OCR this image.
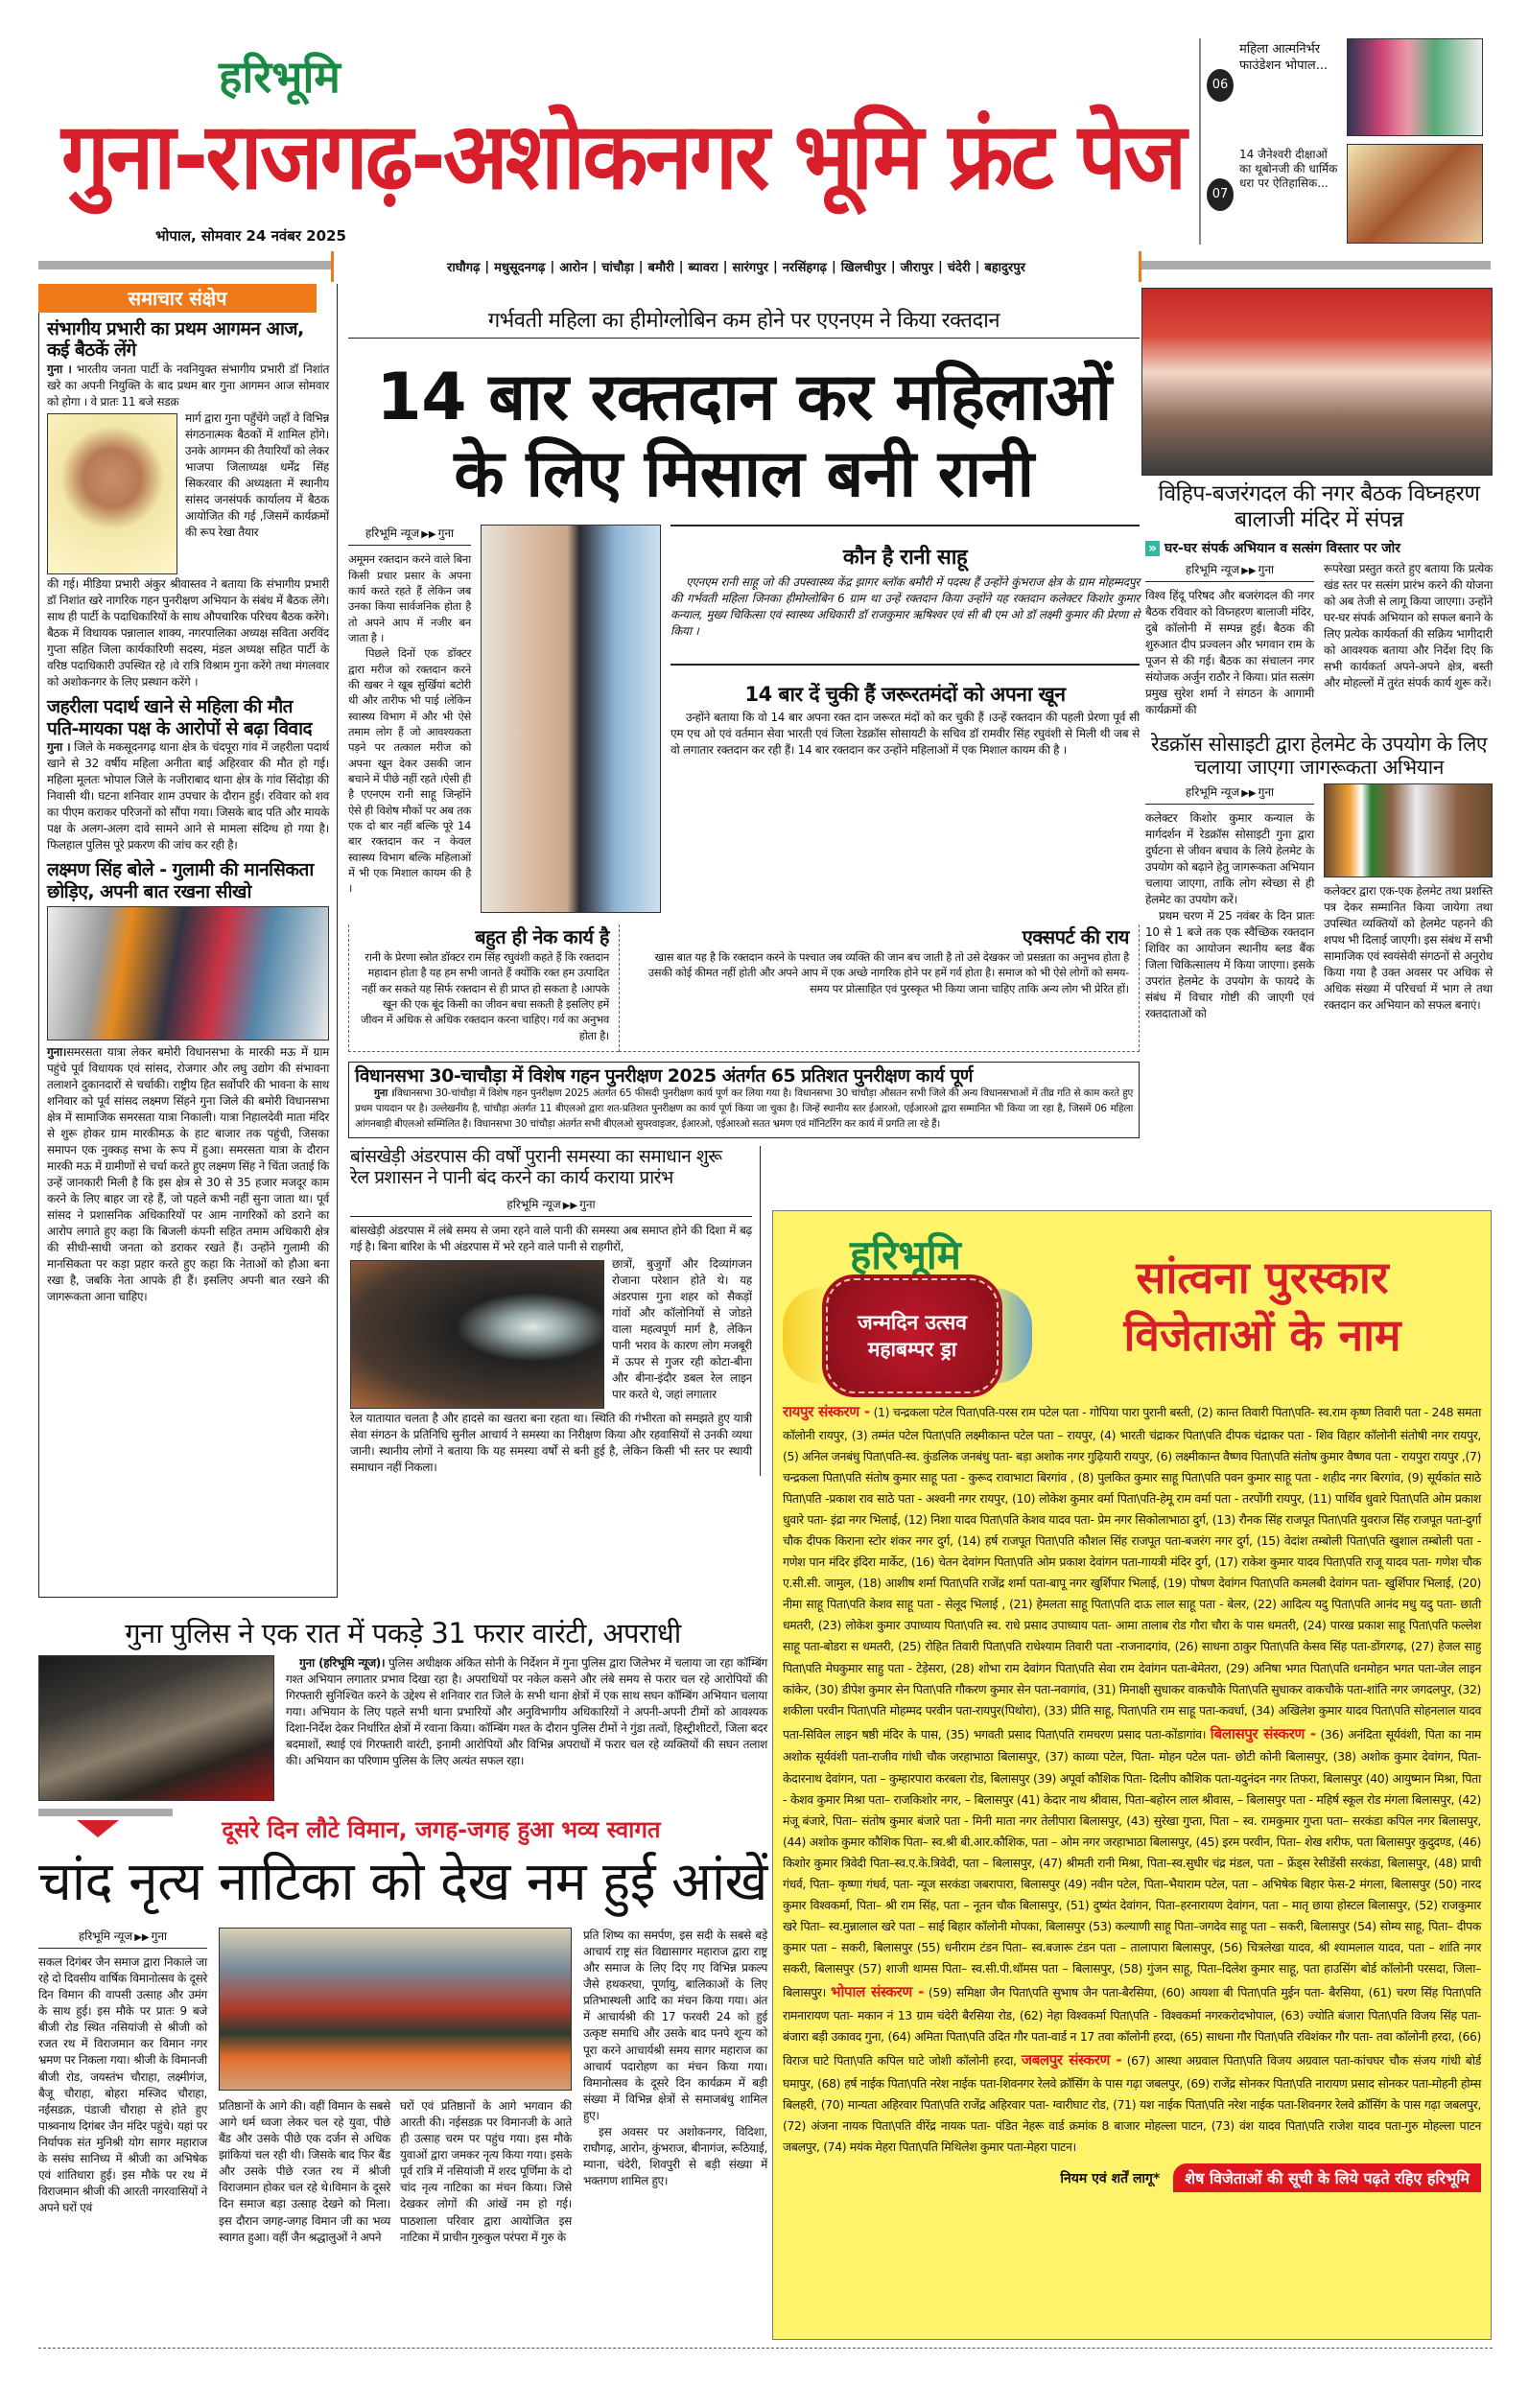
हरिभूमि
गुना-राजगढ़-अशोकनगर भूमि फ्रंट पेज
भोपाल, सोमवार 24 नवंबर 2025
06
महिला आत्मनिर्भर फाउंडेशन भोपाल...
07
14 जैनेश्वरी दीक्षाओं का थूबोनजी की धार्मिक धरा पर ऐतिहासिक...
राघौगढ़ | मधुसूदनगढ़ | आरोन | चांचौड़ा | बमौरी | ब्यावरा | सारंगपुर | नरसिंहगढ़ | खिलचीपुर | जीरापुर | चंदेरी | बहादुरपुर
समाचार संक्षेप
संभागीय प्रभारी का प्रथम आगमन आज, कई बैठकें लेंगे
गुना । भारतीय जनता पार्टी के नवनियुक्त संभागीय प्रभारी डॉ निशांत खरे का अपनी नियुक्ति के बाद प्रथम बार गुना आगमन आज सोमवार को होगा । वे प्रातः 11 बजे सडक़
मार्ग द्वारा गुना पहुँचेंगे जहाँ वे विभिन्न संगठनात्मक बैठकों में शामिल होंगे। उनके आगमन की तैयारियाँ को लेकर भाजपा जिलाध्यक्ष धर्मेंद्र सिंह सिकरवार की अध्यक्षता में स्थानीय सांसद जनसंपर्क कार्यालय में बैठक आयोजित की गई ,जिसमें कार्यक्रमों की रूप रेखा तैयार
की गई। मीडिया प्रभारी अंकुर श्रीवास्तव ने बताया कि संभागीय प्रभारी डॉ निशांत खरे नागरिक गहन पुनरीक्षण अभियान के संबंध में बैठक लेंगे। साथ ही पार्टी के पदाधिकारियों के साथ औपचारिक परिचय बैठक करेंगे। बैठक में विधायक पन्नालाल शाक्य, नगरपालिका अध्यक्ष सविता अरविंद गुप्ता सहित जिला कार्यकारिणी सदस्य, मंडल अध्यक्ष सहित पार्टी के वरिष्ठ पदाधिकारी उपस्थित रहे ।वे रात्रि विश्राम गुना करेंगे तथा मंगलवार को अशोकनगर के लिए प्रस्थान करेंगे ।
जहरीला पदार्थ खाने से महिला की मौत पति-मायका पक्ष के आरोपों से बढ़ा विवाद
गुना । जिले के मकसूदनगढ़ थाना क्षेत्र के चंदपूरा गांव में जहरीला पदार्थ खाने से 32 वर्षीय महिला अनीता बाई अहिरवार की मौत हो गई। महिला मूलतः भोपाल जिले के नजीराबाद थाना क्षेत्र के गांव सिंदोड़ा की निवासी थी। घटना शनिवार शाम उपचार के दौरान हुई। रविवार को शव का पीएम कराकर परिजनों को सौंपा गया। जिसके बाद पति और मायके पक्ष के अलग-अलग दावे सामने आने से मामला संदिग्ध हो गया है। फिलहाल पुलिस पूरे प्रकरण की जांच कर रही है।
लक्ष्मण सिंह बोले - गुलामी की मानसिकता छोड़िए, अपनी बात रखना सीखो
गुना।समरसता यात्रा लेकर बमोरी विधानसभा के मारकी मऊ में ग्राम पहुंचे पूर्व विधायक एवं सांसद, रोजगार और लघु उद्योग की संभावना तलाशने दुकानदारों से चर्चाकी। राष्ट्रीय हित सर्वोपरि की भावना के साथ शनिवार को पूर्व सांसद लक्ष्मण सिंहने गुना जिले की बमोरी विधानसभा क्षेत्र में सामाजिक समरसता यात्रा निकाली। यात्रा निहालदेवी माता मंदिर से शुरू होकर ग्राम मारकीमऊ के हाट बाजार तक पहुंची, जिसका समापन एक नुक्कड़ सभा के रूप में हुआ। समरसता यात्रा के दौरान मारकी मऊ में ग्रामीणों से चर्चा करते हुए लक्ष्मण सिंह ने चिंता जताई कि उन्हें जानकारी मिली है कि इस क्षेत्र से 30 से 35 हजार मजदूर काम करने के लिए बाहर जा रहे हैं, जो पहले कभी नहीं सुना जाता था। पूर्व सांसद ने प्रशासनिक अधिकारियों पर आम नागरिकों को डराने का आरोप लगाते हुए कहा कि बिजली कंपनी सहित तमाम अधिकारी क्षेत्र की सीधी-साधी जनता को डराकर रखते हैं। उन्होंने गुलामी की मानसिकता पर कड़ा प्रहार करते हुए कहा कि नेताओं को हौआ बना रखा है, जबकि नेता आपके ही हैं। इसलिए अपनी बात रखने की जागरूकता आना चाहिए।
गर्भवती महिला का हीमोग्लोबिन कम होने पर एएनएम ने किया रक्तदान
14 बार रक्तदान कर महिलाओं
के लिए मिसाल बनी रानी
हरिभूमि न्यूज ▶▶ गुना

अमूमन रक्तदान करने वाले बिना किसी प्रचार प्रसार के अपना कार्य करते रहते हैं लेकिन जब उनका किया सार्वजनिक होता है तो अपने आप में नजीर बन जाता है ।

पिछले दिनों एक डॉक्टर द्वारा मरीज को रक्तदान करने की खबर ने खूब सुर्खियां बटोरी थी और तारीफ भी पाई ।लेकिन स्वास्थ्य विभाग में और भी ऐसे तमाम लोग हैं जो आवश्यकता पड़ने पर तत्काल मरीज को अपना खून देकर उसकी जान बचाने में पीछे नहीं रहते ।ऐसी ही है एएनएम रानी साहू जिन्होंने ऐसे ही विशेष मौकों पर अब तक एक दो बार नहीं बल्कि पूरे 14 बार रक्तदान कर न केवल स्वास्थ्य विभाग बल्कि महिलाओं में भी एक मिशाल कायम की है ।

कौन है रानी साहू
एएनएम रानी साहू जो की उपस्वास्थ्य केंद्र झागर ब्लॉक बमौरी में पदस्थ हैं उन्होंने कुंभराज क्षेत्र के ग्राम मोहम्मदपुर की गर्भवती महिला जिनका हीमोग्लोबिन 6 ग्राम था उन्हें रक्तदान किया उन्होंने यह रक्तदान कलेक्टर किशोर कुमार कन्याल, मुख्य चिकित्सा एवं स्वास्थ्य अधिकारी डॉ राजकुमार ऋषिश्वर एवं सी बी एम ओ डॉ लक्ष्मी कुमार की प्रेरणा से किया ।
14 बार दें चुकी हैं जरूरतमंदों को अपना खून
उन्होंने बताया कि वो 14 बार अपना रक्त दान जरूरत मंदों को कर चुकी हैं ।उन्हें रक्तदान की पहली प्रेरणा पूर्व सी एम एच ओ एवं वर्तमान सेवा भारती एवं जिला रेडक्रॉस सोसायटी के सचिव डॉ रामवीर सिंह रघुवंशी से मिली थी जब से वो लगातार रक्तदान कर रही हैं। 14 बार रक्तदान कर उन्होंने महिलाओं में एक मिशाल कायम की है ।
बहुत ही नेक कार्य है
रानी के प्रेरणा स्त्रोत डॉक्टर राम सिंह रघुवंशी कहते हैं कि रक्तदान महादान होता है यह हम सभी जानते हैं क्योंकि रक्त हम उत्पादित नहीं कर सकते यह सिर्फ रक्तदान से ही प्राप्त हो सकता है ।आपके खून की एक बूंद किसी का जीवन बचा सकती है इसलिए हमें जीवन में अधिक से अधिक रक्तदान करना चाहिए। गर्व का अनुभव होता है।
एक्सपर्ट की राय
खास बात यह है कि रक्तदान करने के पश्चात जब व्यक्ति की जान बच जाती है तो उसे देखकर जो प्रसन्नता का अनुभव होता है उसकी कोई कीमत नहीं होती और अपने आप में एक अच्छे नागरिक होने पर हमें गर्व होता है। समाज को भी ऐसे लोगों को समय-समय पर प्रोत्साहित एवं पुरस्कृत भी किया जाना चाहिए ताकि अन्य लोग भी प्रेरित हों।
विधानसभा 30-चाचौड़ा में विशेष गहन पुनरीक्षण 2025 अंतर्गत 65 प्रतिशत पुनरीक्षण कार्य पूर्ण
गुना ।विधानसभा 30-चांचौड़ा में विशेष गहन पुनरीक्षण 2025 अंतर्गत 65 फीसदी पुनरीक्षण कार्य पूर्ण कर लिया गया है। विधानसभा 30 चांचौड़ा औसतन सभी जिले की अन्य विधानसभाओं में तीव्र गति से काम करते हुए प्रथम पायदान पर है। उल्लेखनीय है, चांचौड़ा अंतर्गत 11 बीएलओ द्वारा शत-प्रतिशत पुनरीक्षण का कार्य पूर्ण किया जा चुका है। जिन्हें स्थानीय स्तर ईआरओ, एईआरओ द्वारा सम्मानित भी किया जा रहा है, जिसमें 06 महिला आंगनबाड़ी बीएलओ सम्मिलित है। विधानसभा 30 चांचौड़ा अंतर्गत सभी बीएलओ सुपरवाइजर, ईआरओ, एईआरओ सतत भ्रमण एवं मॉनिटरिंग कर कार्य में प्रगति ला रहे हैं।
बांसखेड़ी अंडरपास की वर्षों पुरानी समस्या का समाधान शुरू
रेल प्रशासन ने पानी बंद करने का कार्य कराया प्रारंभ
हरिभूमि न्यूज ▶▶ गुना
बांसखेड़ी अंडरपास में लंबे समय से जमा रहने वाले पानी की समस्या अब समाप्त होने की दिशा में बढ़ गई है। बिना बारिश के भी अंडरपास में भरे रहने वाले पानी से राहगीरों,
छात्रों, बुजुर्गों और दिव्यांगजन रोजाना परेशान होते थे। यह अंडरपास गुना शहर को सैकड़ों गांवों और कॉलोनियों से जोडऩे वाला महत्वपूर्ण मार्ग है, लेकिन पानी भराव के कारण लोग मजबूरी में ऊपर से गुजर रही कोटा-बीना और बीना-इंदौर डबल रेल लाइन पार करते थे, जहां लगातार
रेल यातायात चलता है और हादसे का खतरा बना रहता था। स्थिति की गंभीरता को समझते हुए यात्री सेवा संगठन के प्रतिनिधि सुनील आचार्य ने समस्या का निरीक्षण किया और रहवासियों से उनकी व्यथा जानी। स्थानीय लोगों ने बताया कि यह समस्या वर्षों से बनी हुई है, लेकिन किसी भी स्तर पर स्थायी समाधान नहीं निकला।
विहिप-बजरंगदल की नगर बैठक विघ्नहरण बालाजी मंदिर में संपन्न
» घर-घर संपर्क अभियान व सत्संग विस्तार पर जोर
हरिभूमि न्यूज ▶▶ गुना
विश्व हिंदू परिषद और बजरंगदल की नगर बैठक रविवार को विघ्नहरण बालाजी मंदिर, दुबे कॉलोनी में सम्पन्न हुई। बैठक की शुरुआत दीप प्रज्वलन और भगवान राम के पूजन से की गई। बैठक का संचालन नगर संयोजक अर्जुन राठौर ने किया। प्रांत सत्संग प्रमुख सुरेश शर्मा ने संगठन के आगामी कार्यक्रमों की
रूपरेखा प्रस्तुत करते हुए बताया कि प्रत्येक खंड स्तर पर सत्संग प्रारंभ करने की योजना को अब तेजी से लागू किया जाएगा। उन्होंने घर-घर संपर्क अभियान को सफल बनाने के लिए प्रत्येक कार्यकर्ता की सक्रिय भागीदारी को आवश्यक बताया और निर्देश दिए कि सभी कार्यकर्ता अपने-अपने क्षेत्र, बस्ती और मोहल्लों में तुरंत संपर्क कार्य शुरू करें।
रेडक्रॉस सोसाइटी द्वारा हेलमेट के उपयोग के लिए चलाया जाएगा जागरूकता अभियान
हरिभूमि न्यूज ▶▶ गुना
कलेक्टर किशोर कुमार कन्याल के मार्गदर्शन में रेडक्रॉस सोसाइटी गुना द्वारा दुर्घटना से जीवन बचाव के लिये हेलमेट के उपयोग को बढ़ाने हेतु जागरूकता अभियान चलाया जाएगा, ताकि लोग स्वेच्छा से ही हेलमेट का उपयोग करें।
प्रथम चरण में 25 नवंबर के दिन प्रातः 10 से 1 बजे तक एक स्वैच्छिक रक्तदान शिविर का आयोजन स्थानीय ब्लड बैंक जिला चिकित्सालय में किया जाएगा। इसके उपरांत हेलमेट के उपयोग के फायदे के संबंध में विचार गोष्टी की जाएगी एवं रक्तदाताओं को
कलेक्टर द्वारा एक-एक हेलमेट तथा प्रशस्ति पत्र देकर सम्मानित किया जायेगा तथा उपस्थित व्यक्तियों को हेलमेट पहनने की शपथ भी दिलाई जाएगी। इस संबंध में सभी सामाजिक एवं स्वयंसेवी संगठनों से अनुरोध किया गया है उक्त अवसर पर अधिक से अधिक संख्या में परिचर्चा में भाग ले तथा रक्तदान कर अभियान को सफल बनाएं।
हरिभूमि
जन्मदिन उत्सव
महाबम्पर ड्रा
सांत्वना पुरस्कार
विजेताओं के नाम
रायपुर संस्करण - (1) चन्द्रकला पटेल पिता\पति-परस राम पटेल पता - गोपिया पारा पुरानी बस्ती, (2) कान्त तिवारी पिता\पति- स्व.राम कृष्ण तिवारी पता - 248 समता कॉलोनी रायपुर, (3) तम्मंत पटेल पिता\पति लक्ष्मीकान्त पटेल पता – रायपुर, (4) भारती चंद्राकर पिता\पति दीपक चंद्राकर पता - शिव विहार कॉलोनी संतोषी नगर रायपुर, (5) अनिल जनबंधु पिता\पति-स्व. कुंडलिक जनबंधु पता- बड़ा अशोक नगर गुढ़ियारी रायपुर, (6) लक्ष्मीकान्त वैष्णव पिता\पति संतोष कुमार वैष्णव पता - रायपुरा रायपुर ,(7) चन्द्रकला पिता\पति संतोष कुमार साहू पता - कुरूद रावाभाटा बिरगांव , (8) पुलकित कुमार साहू पिता\पति पवन कुमार साहू पता - शहीद नगर बिरगांव, (9) सूर्यकांत साठे पिता\पति -प्रकाश राव साठे पता - अश्वनी नगर रायपुर, (10) लोकेश कुमार वर्मा पिता\पति-हेमू राम वर्मा पता - तरपोंगी रायपुर, (11) पार्थिव धुवारे पिता\पति ओम प्रकाश धुवारे पता- इंद्रा नगर भिलाई, (12) निशा यादव पिता\पति केशव यादव पता- प्रेम नगर सिकोलाभाठा दुर्ग, (13) रौनक सिंह राजपूत पिता\पति युवराज सिंह राजपूत पता-दुर्गा चौक दीपक किराना स्टोर शंकर नगर दुर्ग, (14) हर्ष राजपूत पिता\पति कौशल सिंह राजपूत पता-बजरंग नगर दुर्ग, (15) वेदांश तम्बोली पिता\पति खुशाल तम्बोली पता - गणेश पान मंदिर इंदिरा मार्केट, (16) चेतन देवांगन पिता\पति ओम प्रकाश देवांगन पता-गायत्री मंदिर दुर्ग, (17) राकेश कुमार यादव पिता\पति राजू यादव पता- गणेश चौक ए.सी.सी. जामुल, (18) आशीष शर्मा पिता\पति राजेंद्र शर्मा पता-बापू नगर खुर्शिपार भिलाई, (19) पोषण देवांगन पिता\पति कमलबी देवांगन पता- खुर्शिपार भिलाई, (20) नीमा साहू पिता\पति केशव साहू पता - सेलूद भिलाई , (21) हेमलता साहू पिता\पति दाऊ लाल साहू पता - बेलर, (22) आदित्य यदु पिता\पति आनंद मधु यदु पता- छाती धमतरी, (23) लोकेश कुमार उपाध्याय पिता\पति स्व. राधे प्रसाद उपाध्याय पता- आमा तालाब रोड गौरा चौरा के पास धमतरी, (24) पारख प्रकाश साहू पिता\पति फल्लेश साहू पता-बोडरा स धमतरी, (25) रोहित तिवारी पिता\पति राधेश्याम तिवारी पता -राजनादगांव, (26) साधना ठाकुर पिता\पति केसव सिंह पता-डोंगरगढ़, (27) हेजल साहु पिता\पति मेघकुमार साहु पता - टेड़ेसरा, (28) शोभा राम देवांगन पिता\पति सेवा राम देवांगन पता-बेमेतरा, (29) अनिषा भगत पिता\पति धनमोहन भगत पता-जेल लाइन कांकेर, (30) डीपेश कुमार सेन पिता\पति गौकरण कुमार सेन पता-नवागांव, (31) मिनाक्षी सुधाकर वाकचौके पिता\पति सुधाकर वाकचौके पता-शांति नगर जगदलपुर, (32) शकीला परवीन पिता\पति मोहम्मद परवीन पता-रायपुर(पिथोरा), (33) प्रीति साहू, पिता\पति राम साहू पता-कवर्धा, (34) अखिलेश कुमार यादव पिता\पति सोहनलाल यादव पता-सिविल लाइन षष्ठी मंदिर के पास, (35) भगवती प्रसाद पिता\पति रामचरण प्रसाद पता-कोंडागांव। बिलासपुर संस्करण - (36) अनंदिता सूर्यवंशी, पिता का नाम अशोक सूर्यवंशी पता-राजीव गांधी चौक जरहाभाठा बिलासपुर, (37) काव्या पटेल, पिता- मोहन पटेल पता- छोटी कोनी बिलासपुर, (38) अशोक कुमार देवांगन, पिता- केदारनाथ देवांगन, पता – कुम्हारपारा करबला रोड, बिलासपुर (39) अपूर्वा कौशिक पिता- दिलीप कौशिक पता-यदुनंदन नगर तिफरा, बिलासपुर (40) आयुष्मान मिश्रा, पिता - केशव कुमार मिश्रा पता– राजकिशोर नगर, – बिलासपुर (41) केदार नाथ श्रीवास, पिता–बहोरन लाल श्रीवास, – बिलासपुर पता - महिर्ष स्कूल रोड मंगला बिलासपुर, (42) मंजू बंजारे, पिता– संतोष कुमार बंजारे पता - मिनी माता नगर तेलीपारा बिलासपुर, (43) सुरेखा गुप्ता, पिता – स्व. रामकुमार गुप्ता पता– सरकंडा कपिल नगर बिलासपुर, (44) अशोक कुमार कौशिक पिता– स्व.श्री बी.आर.कौशिक, पता – ओम नगर जरहाभाठा बिलासपुर, (45) इरम परवीन, पिता– शेख शरीफ, पता बिलासपुर कुदुदण्ड, (46) किशोर कुमार त्रिवेदी पिता–स्व.ए.के.त्रिवेदी, पता – बिलासपुर, (47) श्रीमती रानी मिश्रा, पिता–स्व.सुधीर चंद्र मंडल, पता – फ्रेंड्स रेसीडेंसी सरकंडा, बिलासपुर, (48) प्राची गंधर्व, पिता– कृष्णा गंधर्व, पता- न्यूज सरकंडा जबरापारा, बिलासपुर (49) नवीन पटेल, पिता–भैयाराम पटेल, पता – अभिषेक बिहार फेस-2 मंगला, बिलासपुर (50) नारद कुमार विश्वकर्मा, पिता– श्री राम सिंह, पता – नूतन चौक बिलासपुर, (51) दुष्यंत देवांगन, पिता–हरनारायण देवांगन, पता – मातृ छाया होस्टल बिलासपुर, (52) राजकुमार खरे पिता– स्व.मुन्नालाल खरे पता – साई बिहार कॉलोनी मोपका, बिलासपुर (53) कल्याणी साहू पिता–जगदेव साहू पता – सकरी, बिलासपुर (54) सोम्य साहू, पिता– दीपक कुमार पता – सकरी, बिलासपुर (55) धनीराम टंडन पिता– स्व.बजारू टंडन पता – तालापारा बिलासपुर, (56) चित्रलेखा यादव, श्री श्यामलाल यादव, पता – शांति नगर सकरी, बिलासपुर (57) शाजी थामस पिता– स्व.सी.पी.थॉमस पता – बिलासपुर, (58) गुंजन साहू, पिता–दिलेश कुमार साहू, पता हाउसिंग बोर्ड कॉलोनी परसदा, जिला–बिलासपुर। भोपाल संस्करण - (59) समिक्षा जैन पिता\पति सुभाष जैन पता-बैरसिया, (60) आयशा बी पिता\पति मुईन पता- बैरसिया, (61) चरण सिंह पिता\पति रामनारायण पता- मकान नं 13 ग्राम चंदेरी बैरसिया रोड, (62) नेहा विश्वकर्मा पिता\पति - विश्वकर्मा नगरकरोदभोपाल, (63) ज्योति बंजारा पिता\पति विजय सिंह पता-बंजारा बड़ी उकावद गुना, (64) अमिता पिता\पति उदित गौर पता-वार्ड न 17 तवा कॉलोनी हरदा, (65) साधना गौर पिता\पति रविशंकर गौर पता- तवा कॉलोनी हरदा, (66) विराज घाटे पिता\पति कपिल घाटे जोशी कॉलोनी हरदा, जबलपुर संस्करण - (67) आस्था अग्रवाल पिता\पति विजय अग्रवाल पता-कांचघर चौक संजय गांधी बोर्ड घमापुर, (68) हर्ष नाईक पिता\पति नरेश नाईक पता-शिवनगर रेलवे क्रॉसिंग के पास गढ़ा जबलपुर, (69) राजेंद्र सोनकर पिता\पति नारायण प्रसाद सोनकर पता-मोहनी होम्स बिलहरी, (70) मान्यता अहिरवार पिता\पति राजेंद्र अहिरवार पता- ग्वारीघाट रोड, (71) यश नाईक पिता\पति नरेश नाईक पता-शिवनगर रेलवे क्रॉसिंग के पास गढ़ा जबलपुर, (72) अंजना नायक पिता\पति वीरेंद्र नायक पता- पंडित नेहरू वार्ड क्रमांक 8 बाजार मोहल्ला पाटन, (73) वंश यादव पिता\पति राजेश यादव पता-गुरु मोहल्ला पाटन जबलपुर, (74) मयंक मेहरा पिता\पति मिथिलेश कुमार पता-मेहरा पाटन।
नियम एवं शर्तें लागू*	शेष विजेताओं की सूची के लिये पढ़ते रहिए हरिभूमि
गुना पुलिस ने एक रात में पकड़े 31 फरार वारंटी, अपराधी
गुना (हरिभूमि न्यूज)। पुलिस अधीक्षक अंकित सोनी के निर्देशन में गुना पुलिस द्वारा जिलेभर में चलाया जा रहा कॉम्बिंग गश्त अभियान लगातार प्रभाव दिखा रहा है। अपराधियों पर नकेल कसने और लंबे समय से फरार चल रहे आरोपियों की गिरफ्तारी सुनिश्चित करने के उद्देश्य से शनिवार रात जिले के सभी थाना क्षेत्रों में एक साथ सघन कॉम्बिंग अभियान चलाया गया। अभियान के लिए पहले सभी थाना प्रभारियों और अनुविभागीय अधिकारियों ने अपनी-अपनी टीमों को आवश्यक दिशा-निर्देश देकर निर्धारित क्षेत्रों में रवाना किया। कॉम्बिंग गश्त के दौरान पुलिस टीमों ने गुंडा तत्वों, हिस्ट्रीशीटरों, जिला बदर बदमाशों, स्थाई एवं गिरफ्तारी वारंटी, इनामी आरोपियों और विभिन्न अपराधों में फरार चल रहे व्यक्तियों की सघन तलाश की। अभियान का परिणाम पुलिस के लिए अत्यंत सफल रहा।
दूसरे दिन लौटे विमान, जगह-जगह हुआ भव्य स्वागत
चांद नृत्य नाटिका को देख नम हुई आंखें
हरिभूमि न्यूज ▶▶ गुना
सकल दिगंबर जैन समाज द्वारा निकाले जा रहे दो दिवसीय वार्षिक विमानोत्सव के दूसरे दिन विमान की वापसी उत्साह और उमंग के साथ हुई। इस मौके पर प्रातः 9 बजे बीजी रोड स्थित नसियांजी से श्रीजी को रजत रथ में विराजमान कर विमान नगर भ्रमण पर निकला गया। श्रीजी के विमानजी बीजी रोड, जयस्तंभ चौराहा, लक्ष्मीगंज, बैजू चौराहा, बोहरा मस्जिद चौराहा, नईसडक़, पंडाजी चौराहा से होते हुए पाश्र्वनाथ दिगंबर जैन मंदिर पहुंचे। यहां पर निर्यापक संत मुनिश्री योग सागर महाराज के ससंघ सानिध्य में श्रीजी का अभिषेक एवं शांतिधारा हुई। इस मौके पर रथ में विराजमान श्रीजी की आरती नगरवासियों ने अपने घरों एवं
प्रतिष्ठानों के आगे की। वहीं विमान के सबसे आगे धर्म ध्वजा लेकर चल रहे युवा, पीछे बैंड और उसके पीछे एक दर्जन से अधिक झांकियां चल रही थी। जिसके बाद फिर बैंड और उसके पीछे रजत रथ में श्रीजी विराजमान होकर चल रहे थे।विमान के दूसरे दिन समाज बड़ा उत्साह देखने को मिला। इस दौरान जगह-जगह विमान जी का भव्य स्वागत हुआ। वहीं जैन श्रद्धालुओं ने अपने
घरों एवं प्रतिष्ठानों के आगे भगवान की आरती की। नईसडक़ पर विमानजी के आते ही उत्साह चरम पर पहुंच गया। इस मौके युवाओं द्वारा जमकर नृत्य किया गया। इसके पूर्व रात्रि में नसियांजी में शरद पूर्णिमा के दो चांद नृत्य नाटिका का मंचन किया। जिसे देखकर लोगों की आंखें नम हो गई। पाठशाला परिवार द्वारा आयोजित इस नाटिका में प्राचीन गुरुकुल परंपरा में गुरु के
प्रति शिष्य का समर्पण, इस सदी के सबसे बड़े आचार्य राष्ट्र संत विद्यासागर महाराज द्वारा राष्ट्र और समाज के लिए दिए गए विभिन्न प्रकल्प जैसे हथकरघा, पूर्णायु, बालिकाओं के लिए प्रतिभास्थली आदि का मंचन किया गया। अंत में आचार्यश्री की 17 फरवरी 24 को हुई उत्कृष्ट समाधि और उसके बाद पनपे शून्य को पूरा करने आचार्यश्री समय सागर महाराज का आचार्य पदारोहण का मंचन किया गया। विमानोत्सव के दूसरे दिन कार्यक्रम में बड़ी संख्या में विभिन्न क्षेत्रों से समाजबंधु शामिल हुए।
इस अवसर पर अशोकनगर, विदिशा, राघौगढ़, आरोन, कुंभराज, बीनागंज, रूठियाई, म्याना, चंदेरी, शिवपुरी से बड़ी संख्या में भक्तगण शामिल हुए।
